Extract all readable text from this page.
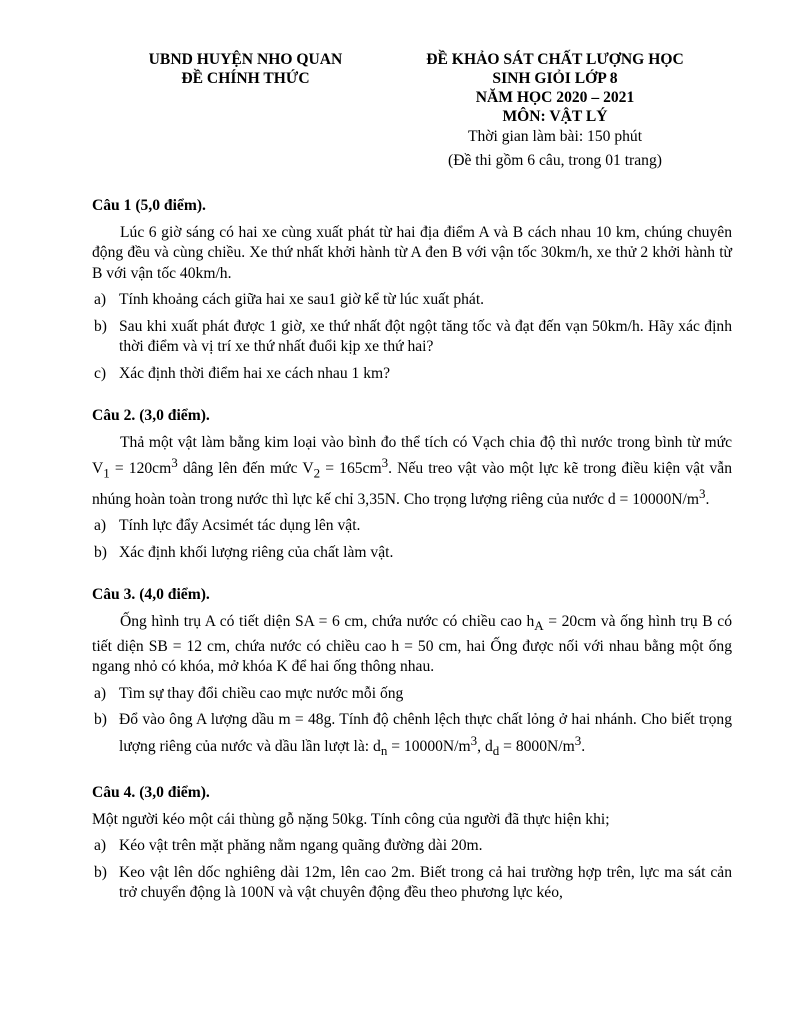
UBND HUYỆN NHO QUAN
ĐỀ CHÍNH THỨC
ĐỀ KHẢO SÁT CHẤT LƯỢNG HỌC
SINH GIỎI LỚP 8
NĂM HỌC 2020 – 2021
MÔN: VẬT LÝ
Thời gian làm bài: 150 phút
(Đề thi gồm 6 câu, trong 01 trang)
Câu 1 (5,0 điểm).
Lúc 6 giờ sáng có hai xe cùng xuất phát từ hai địa điểm A và B cách nhau 10 km, chúng chuyên động đều và cùng chiều. Xe thứ nhất khởi hành từ A đen B với vận tốc 30km/h, xe thử 2 khởi hành từ B với vận tốc 40km/h.
a) Tính khoảng cách giữa hai xe sau1 giờ kể từ lúc xuất phát.
b) Sau khi xuất phát được 1 giờ, xe thứ nhất đột ngột tăng tốc và đạt đến vạn 50km/h. Hãy xác định thời điểm và vị trí xe thứ nhất đuổi kịp xe thứ hai?
c) Xác định thời điểm hai xe cách nhau 1 km?
Câu 2. (3,0 điểm).
Thả một vật làm bằng kim loại vào bình đo thể tích có Vạch chia độ thì nước trong bình từ mức $V_1 = 120cm^3$ dâng lên đến mức $V_2 = 165cm^3$. Nếu treo vật vào một lực kẽ trong điều kiện vật vẫn nhúng hoàn toàn trong nước thì lực kế chỉ 3,35N. Cho trọng lượng riêng của nước $d = 10000N/m^3$.
a) Tính lực đẩy Acsimét tác dụng lên vật.
b) Xác định khối lượng riêng của chất làm vật.
Câu 3. (4,0 điểm).
Ống hình trụ A có tiết diện SA = 6 cm, chứa nước có chiều cao $h_A = 20cm$ và ống hình trụ B có tiết diện SB = 12 cm, chứa nước có chiều cao h = 50 cm, hai Ống được nối với nhau bằng một ống ngang nhỏ có khóa, mở khóa K để hai ống thông nhau.
a) Tìm sự thay đổi chiều cao mực nước mỗi ống
b) Đổ vào ông A lượng dầu m = 48g. Tính độ chênh lệch thực chất lỏng ở hai nhánh. Cho biết trọng lượng riêng của nước và dầu lần lượt là: $d_n = 10000N/m^3$, $d_d = 8000N/m^3$.
Câu 4. (3,0 điểm).
Một người kéo một cái thùng gỗ nặng 50kg. Tính công của người đã thực hiện khi;
a) Kéo vật trên mặt phăng nằm ngang quãng đường dài 20m.
b) Keo vật lên dốc nghiêng dài 12m, lên cao 2m. Biết trong cả hai trường hợp trên, lực ma sát cản trở chuyển động là 100N và vật chuyên động đều theo phương lực kéo,
